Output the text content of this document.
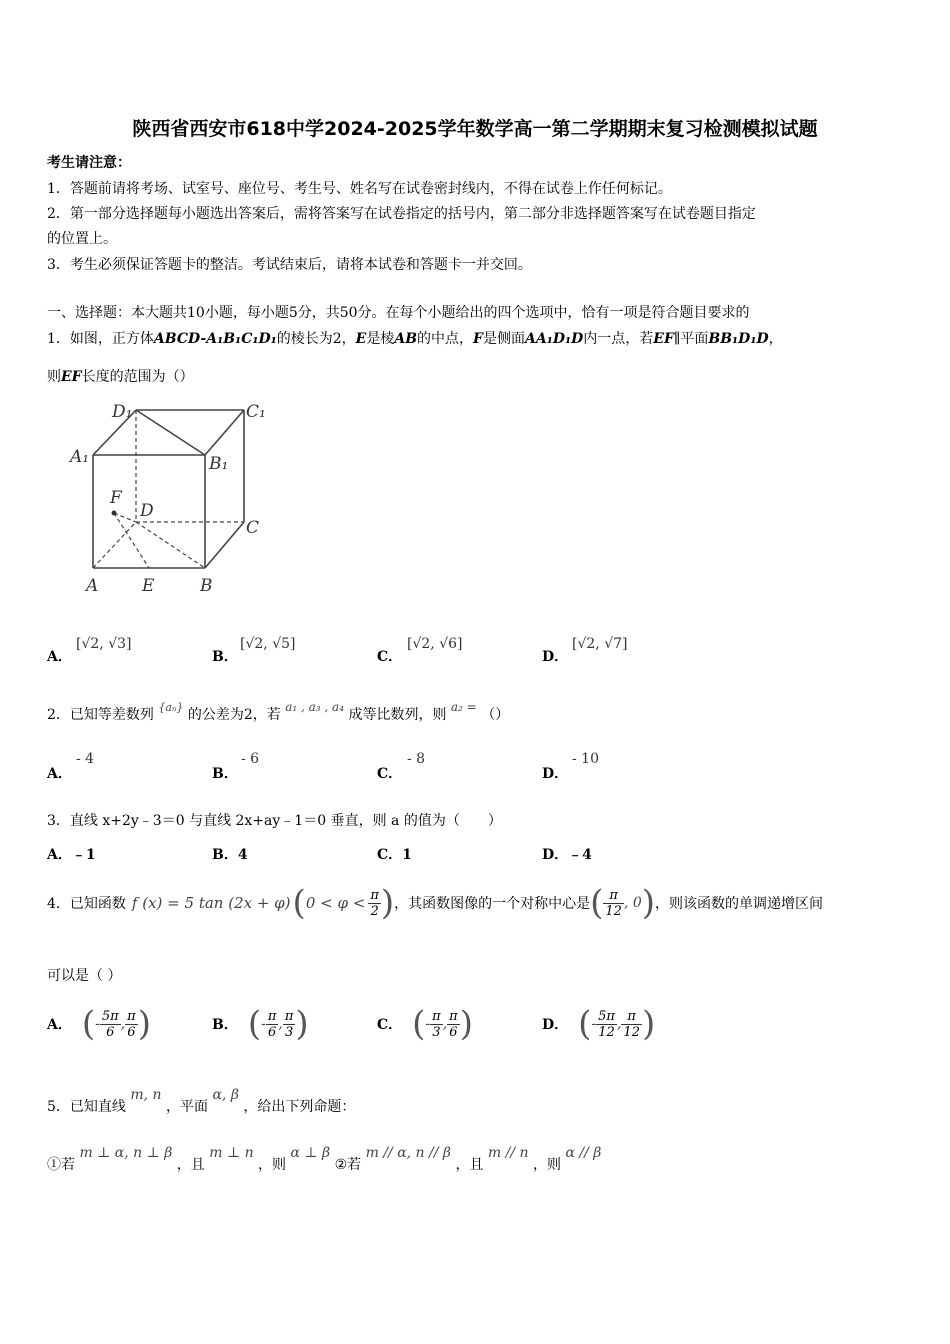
陕西省西安市618中学2024-2025学年数学高一第二学期期末复习检测模拟试题
考生请注意：
1．答题前请将考场、试室号、座位号、考生号、姓名写在试卷密封线内，不得在试卷上作任何标记。
2．第一部分选择题每小题选出答案后，需将答案写在试卷指定的括号内，第二部分非选择题答案写在试卷题目指定
的位置上。
3．考生必须保证答题卡的整洁。考试结束后，请将本试卷和答题卡一并交回。
一、选择题：本大题共10小题，每小题5分，共50分。在每个小题给出的四个选项中，恰有一项是符合题目要求的
1．如图，正方体ABCD-A₁B₁C₁D₁的棱长为2，E是棱AB的中点，F是侧面AA₁D₁D内一点，若EF∥平面BB₁D₁D，
则EF长度的范围为（）
D₁	C₁
A₁	B₁
F
D
C
A	E	B
A．
[√2, √3]
B．
[√2, √5]
C．
[√2, √6]
D．
[√2, √7]
2．已知等差数列 $^{\{a_n\}}$ 的公差为2，若 a₁ , a₃ , a₄ 成等比数列，则 a₂ = （）
A．
- 4
B．
- 6
C．
- 8
D．
- 10
3．直线 x+2y﹣3＝0 与直线 2x+ay﹣1＝0 垂直，则 a 的值为（　　）
A．﹣1	B．4	C．1	D．﹣4
4．已知函数 f (x) = 5 tan (2x + φ) ( $0 < \varphi < \frac{\pi}{2}$ ) ，其函数图像的一个对称中心是 ( $\frac{\pi}{12}$ , 0 ) ，则该函数的单调递增区间
可以是（ ）
A． ( - $\frac{5\pi}{6}$ , $\frac{\pi}{6}$ )	B． ( - $\frac{\pi}{6}$ , $\frac{\pi}{3}$ )	C． ( - $\frac{\pi}{3}$ , $\frac{\pi}{6}$ )	D． ( - $\frac{5\pi}{12}$ , $\frac{\pi}{12}$ )
5．已知直线 m, n ，平面 α, β ，给出下列命题：
①若 m ⊥ α, n ⊥ β ，且 m ⊥ n ，则 α ⊥ β ②若 m // α, n // β ，且 m // n ，则 α // β
